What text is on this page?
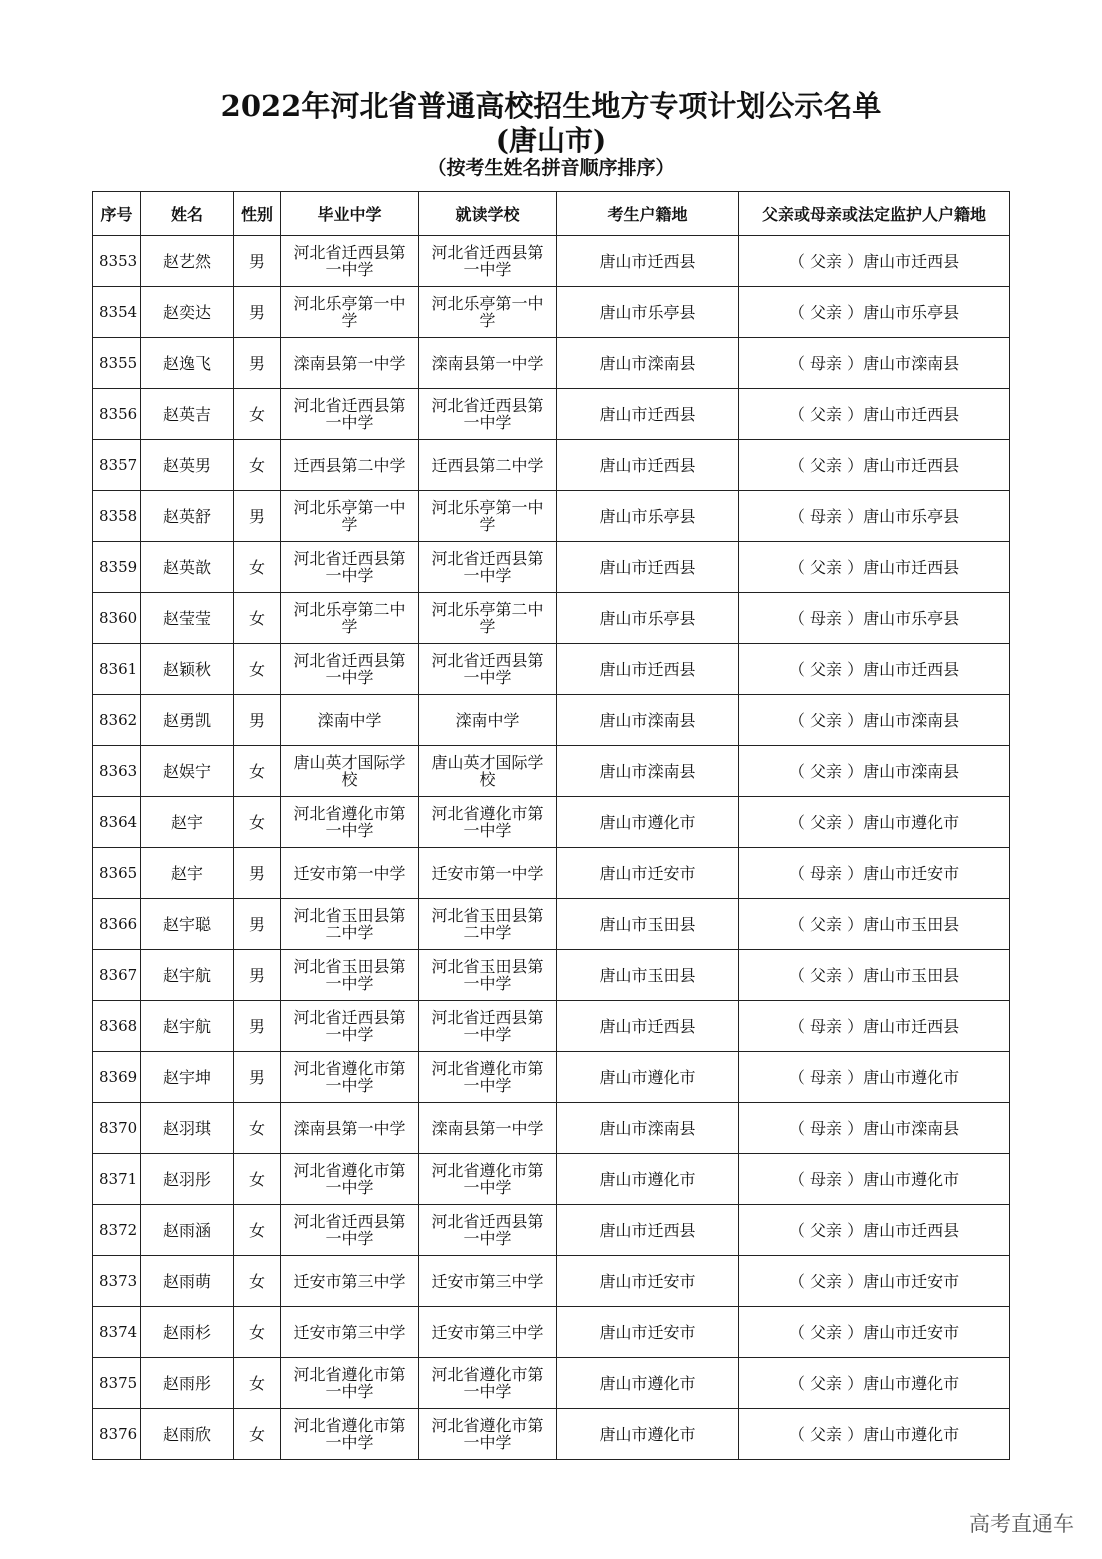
2022年河北省普通高校招生地方专项计划公示名单
(唐山市)
（按考生姓名拼音顺序排序）
序号	姓名	性别	毕业中学	就读学校	考生户籍地	父亲或母亲或法定监护人户籍地
8353	赵艺然	男	河北省迁西县第一中学	河北省迁西县第一中学	唐山市迁西县	（ 父亲 ）唐山市迁西县
8354	赵奕达	男	河北乐亭第一中学	河北乐亭第一中学	唐山市乐亭县	（ 父亲 ）唐山市乐亭县
8355	赵逸飞	男	滦南县第一中学	滦南县第一中学	唐山市滦南县	（ 母亲 ）唐山市滦南县
8356	赵英吉	女	河北省迁西县第一中学	河北省迁西县第一中学	唐山市迁西县	（ 父亲 ）唐山市迁西县
8357	赵英男	女	迁西县第二中学	迁西县第二中学	唐山市迁西县	（ 父亲 ）唐山市迁西县
8358	赵英舒	男	河北乐亭第一中学	河北乐亭第一中学	唐山市乐亭县	（ 母亲 ）唐山市乐亭县
8359	赵英歆	女	河北省迁西县第一中学	河北省迁西县第一中学	唐山市迁西县	（ 父亲 ）唐山市迁西县
8360	赵莹莹	女	河北乐亭第二中学	河北乐亭第二中学	唐山市乐亭县	（ 母亲 ）唐山市乐亭县
8361	赵颖秋	女	河北省迁西县第一中学	河北省迁西县第一中学	唐山市迁西县	（ 父亲 ）唐山市迁西县
8362	赵勇凯	男	滦南中学	滦南中学	唐山市滦南县	（ 父亲 ）唐山市滦南县
8363	赵娱宁	女	唐山英才国际学校	唐山英才国际学校	唐山市滦南县	（ 父亲 ）唐山市滦南县
8364	赵宇	女	河北省遵化市第一中学	河北省遵化市第一中学	唐山市遵化市	（ 父亲 ）唐山市遵化市
8365	赵宇	男	迁安市第一中学	迁安市第一中学	唐山市迁安市	（ 母亲 ）唐山市迁安市
8366	赵宇聪	男	河北省玉田县第二中学	河北省玉田县第二中学	唐山市玉田县	（ 父亲 ）唐山市玉田县
8367	赵宇航	男	河北省玉田县第一中学	河北省玉田县第一中学	唐山市玉田县	（ 父亲 ）唐山市玉田县
8368	赵宇航	男	河北省迁西县第一中学	河北省迁西县第一中学	唐山市迁西县	（ 母亲 ）唐山市迁西县
8369	赵宇坤	男	河北省遵化市第一中学	河北省遵化市第一中学	唐山市遵化市	（ 母亲 ）唐山市遵化市
8370	赵羽琪	女	滦南县第一中学	滦南县第一中学	唐山市滦南县	（ 母亲 ）唐山市滦南县
8371	赵羽彤	女	河北省遵化市第一中学	河北省遵化市第一中学	唐山市遵化市	（ 母亲 ）唐山市遵化市
8372	赵雨涵	女	河北省迁西县第一中学	河北省迁西县第一中学	唐山市迁西县	（ 父亲 ）唐山市迁西县
8373	赵雨萌	女	迁安市第三中学	迁安市第三中学	唐山市迁安市	（ 父亲 ）唐山市迁安市
8374	赵雨杉	女	迁安市第三中学	迁安市第三中学	唐山市迁安市	（ 父亲 ）唐山市迁安市
8375	赵雨彤	女	河北省遵化市第一中学	河北省遵化市第一中学	唐山市遵化市	（ 父亲 ）唐山市遵化市
8376	赵雨欣	女	河北省遵化市第一中学	河北省遵化市第一中学	唐山市遵化市	（ 父亲 ）唐山市遵化市
高考直通车
